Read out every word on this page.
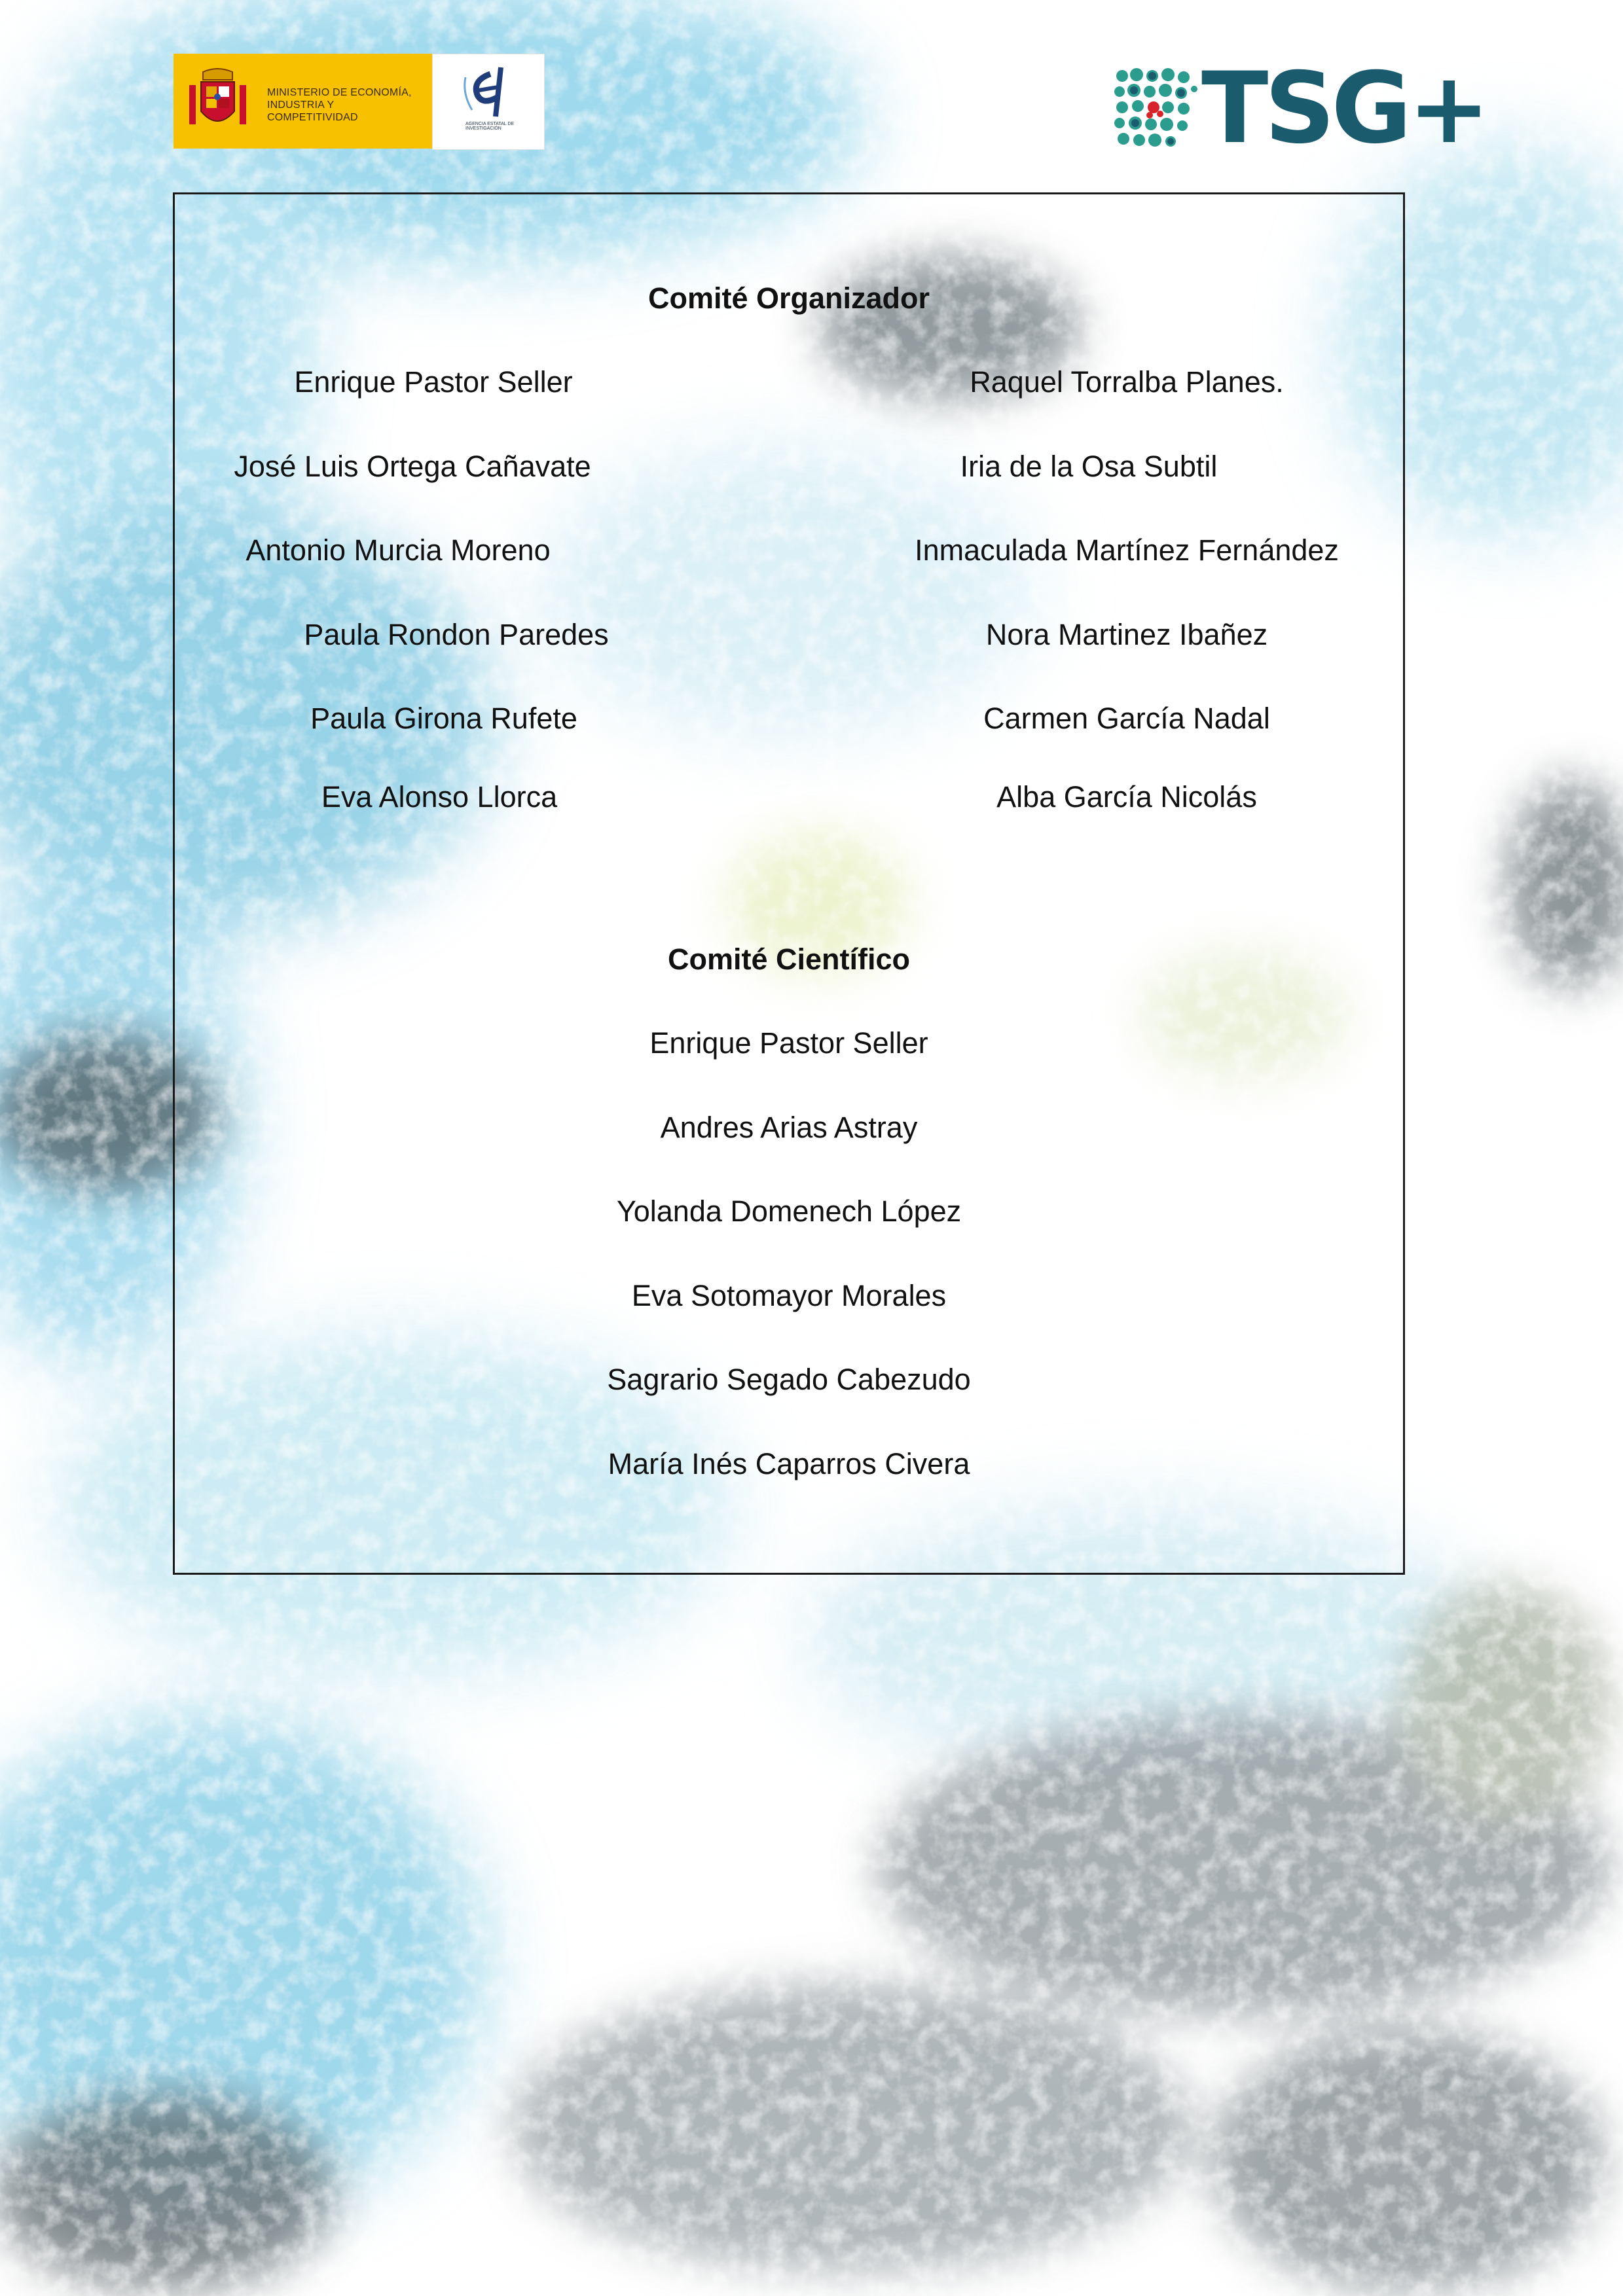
MINISTERIO DE ECONOMÍA, INDUSTRIA Y COMPETITIVIDAD
AGENCIA ESTATAL DE INVESTIGACIÓN	TSG+
Comité Organizador
Enrique Pastor Seller
José Luis Ortega Cañavate
Antonio Murcia Moreno
Paula Rondon Paredes
Paula Girona Rufete
Eva Alonso Llorca
Raquel Torralba Planes.
Iria de la Osa Subtil
Inmaculada Martínez Fernández
Nora Martinez Ibañez
Carmen García Nadal
Alba García Nicolás
Comité Científico
Enrique Pastor Seller
Andres Arias Astray
Yolanda Domenech López
Eva Sotomayor Morales
Sagrario Segado Cabezudo
María Inés Caparros Civera
